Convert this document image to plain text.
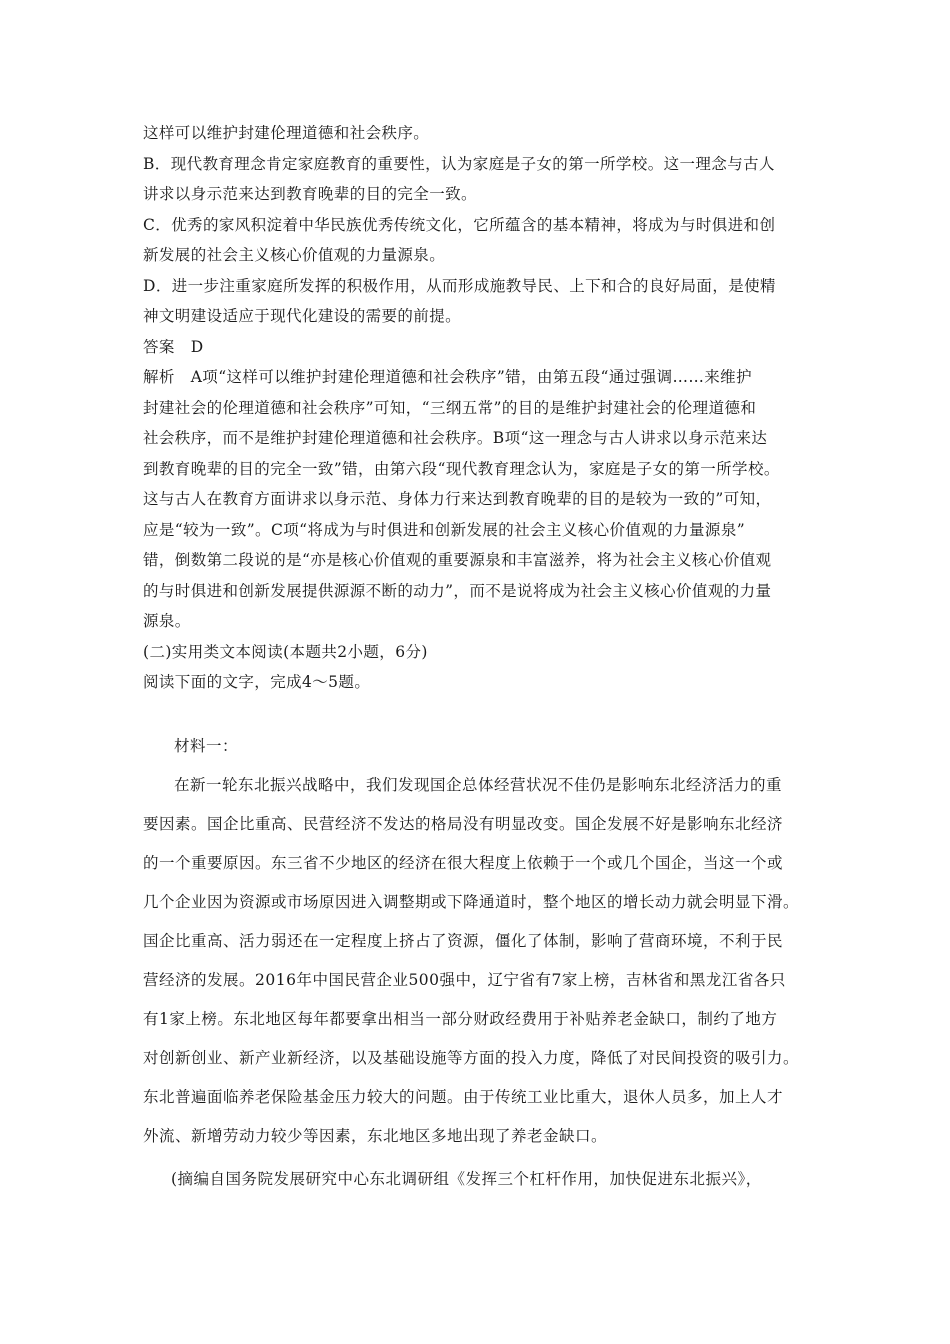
这样可以维护封建伦理道德和社会秩序。
B．现代教育理念肯定家庭教育的重要性，认为家庭是子女的第一所学校。这一理念与古人
讲求以身示范来达到教育晚辈的目的完全一致。
C．优秀的家风积淀着中华民族优秀传统文化，它所蕴含的基本精神，将成为与时俱进和创
新发展的社会主义核心价值观的力量源泉。
D．进一步注重家庭所发挥的积极作用，从而形成施教导民、上下和合的良好局面，是使精
神文明建设适应于现代化建设的需要的前提。
答案　D
解析　A项“这样可以维护封建伦理道德和社会秩序”错，由第五段“通过强调……来维护
封建社会的伦理道德和社会秩序”可知，“三纲五常”的目的是维护封建社会的伦理道德和
社会秩序，而不是维护封建伦理道德和社会秩序。B项“这一理念与古人讲求以身示范来达
到教育晚辈的目的完全一致”错，由第六段“现代教育理念认为，家庭是子女的第一所学校。
这与古人在教育方面讲求以身示范、身体力行来达到教育晚辈的目的是较为一致的”可知，
应是“较为一致”。C项“将成为与时俱进和创新发展的社会主义核心价值观的力量源泉”
错，倒数第二段说的是“亦是核心价值观的重要源泉和丰富滋养，将为社会主义核心价值观
的与时俱进和创新发展提供源源不断的动力”，而不是说将成为社会主义核心价值观的力量
源泉。
(二)实用类文本阅读(本题共2小题，6分)
阅读下面的文字，完成4～5题。
材料一：
在新一轮东北振兴战略中，我们发现国企总体经营状况不佳仍是影响东北经济活力的重
要因素。国企比重高、民营经济不发达的格局没有明显改变。国企发展不好是影响东北经济
的一个重要原因。东三省不少地区的经济在很大程度上依赖于一个或几个国企，当这一个或
几个企业因为资源或市场原因进入调整期或下降通道时，整个地区的增长动力就会明显下滑。
国企比重高、活力弱还在一定程度上挤占了资源，僵化了体制，影响了营商环境，不利于民
营经济的发展。2016年中国民营企业500强中，辽宁省有7家上榜，吉林省和黑龙江省各只
有1家上榜。东北地区每年都要拿出相当一部分财政经费用于补贴养老金缺口，制约了地方
对创新创业、新产业新经济，以及基础设施等方面的投入力度，降低了对民间投资的吸引力。
东北普遍面临养老保险基金压力较大的问题。由于传统工业比重大，退休人员多，加上人才
外流、新增劳动力较少等因素，东北地区多地出现了养老金缺口。
(摘编自国务院发展研究中心东北调研组《发挥三个杠杆作用，加快促进东北振兴》，
